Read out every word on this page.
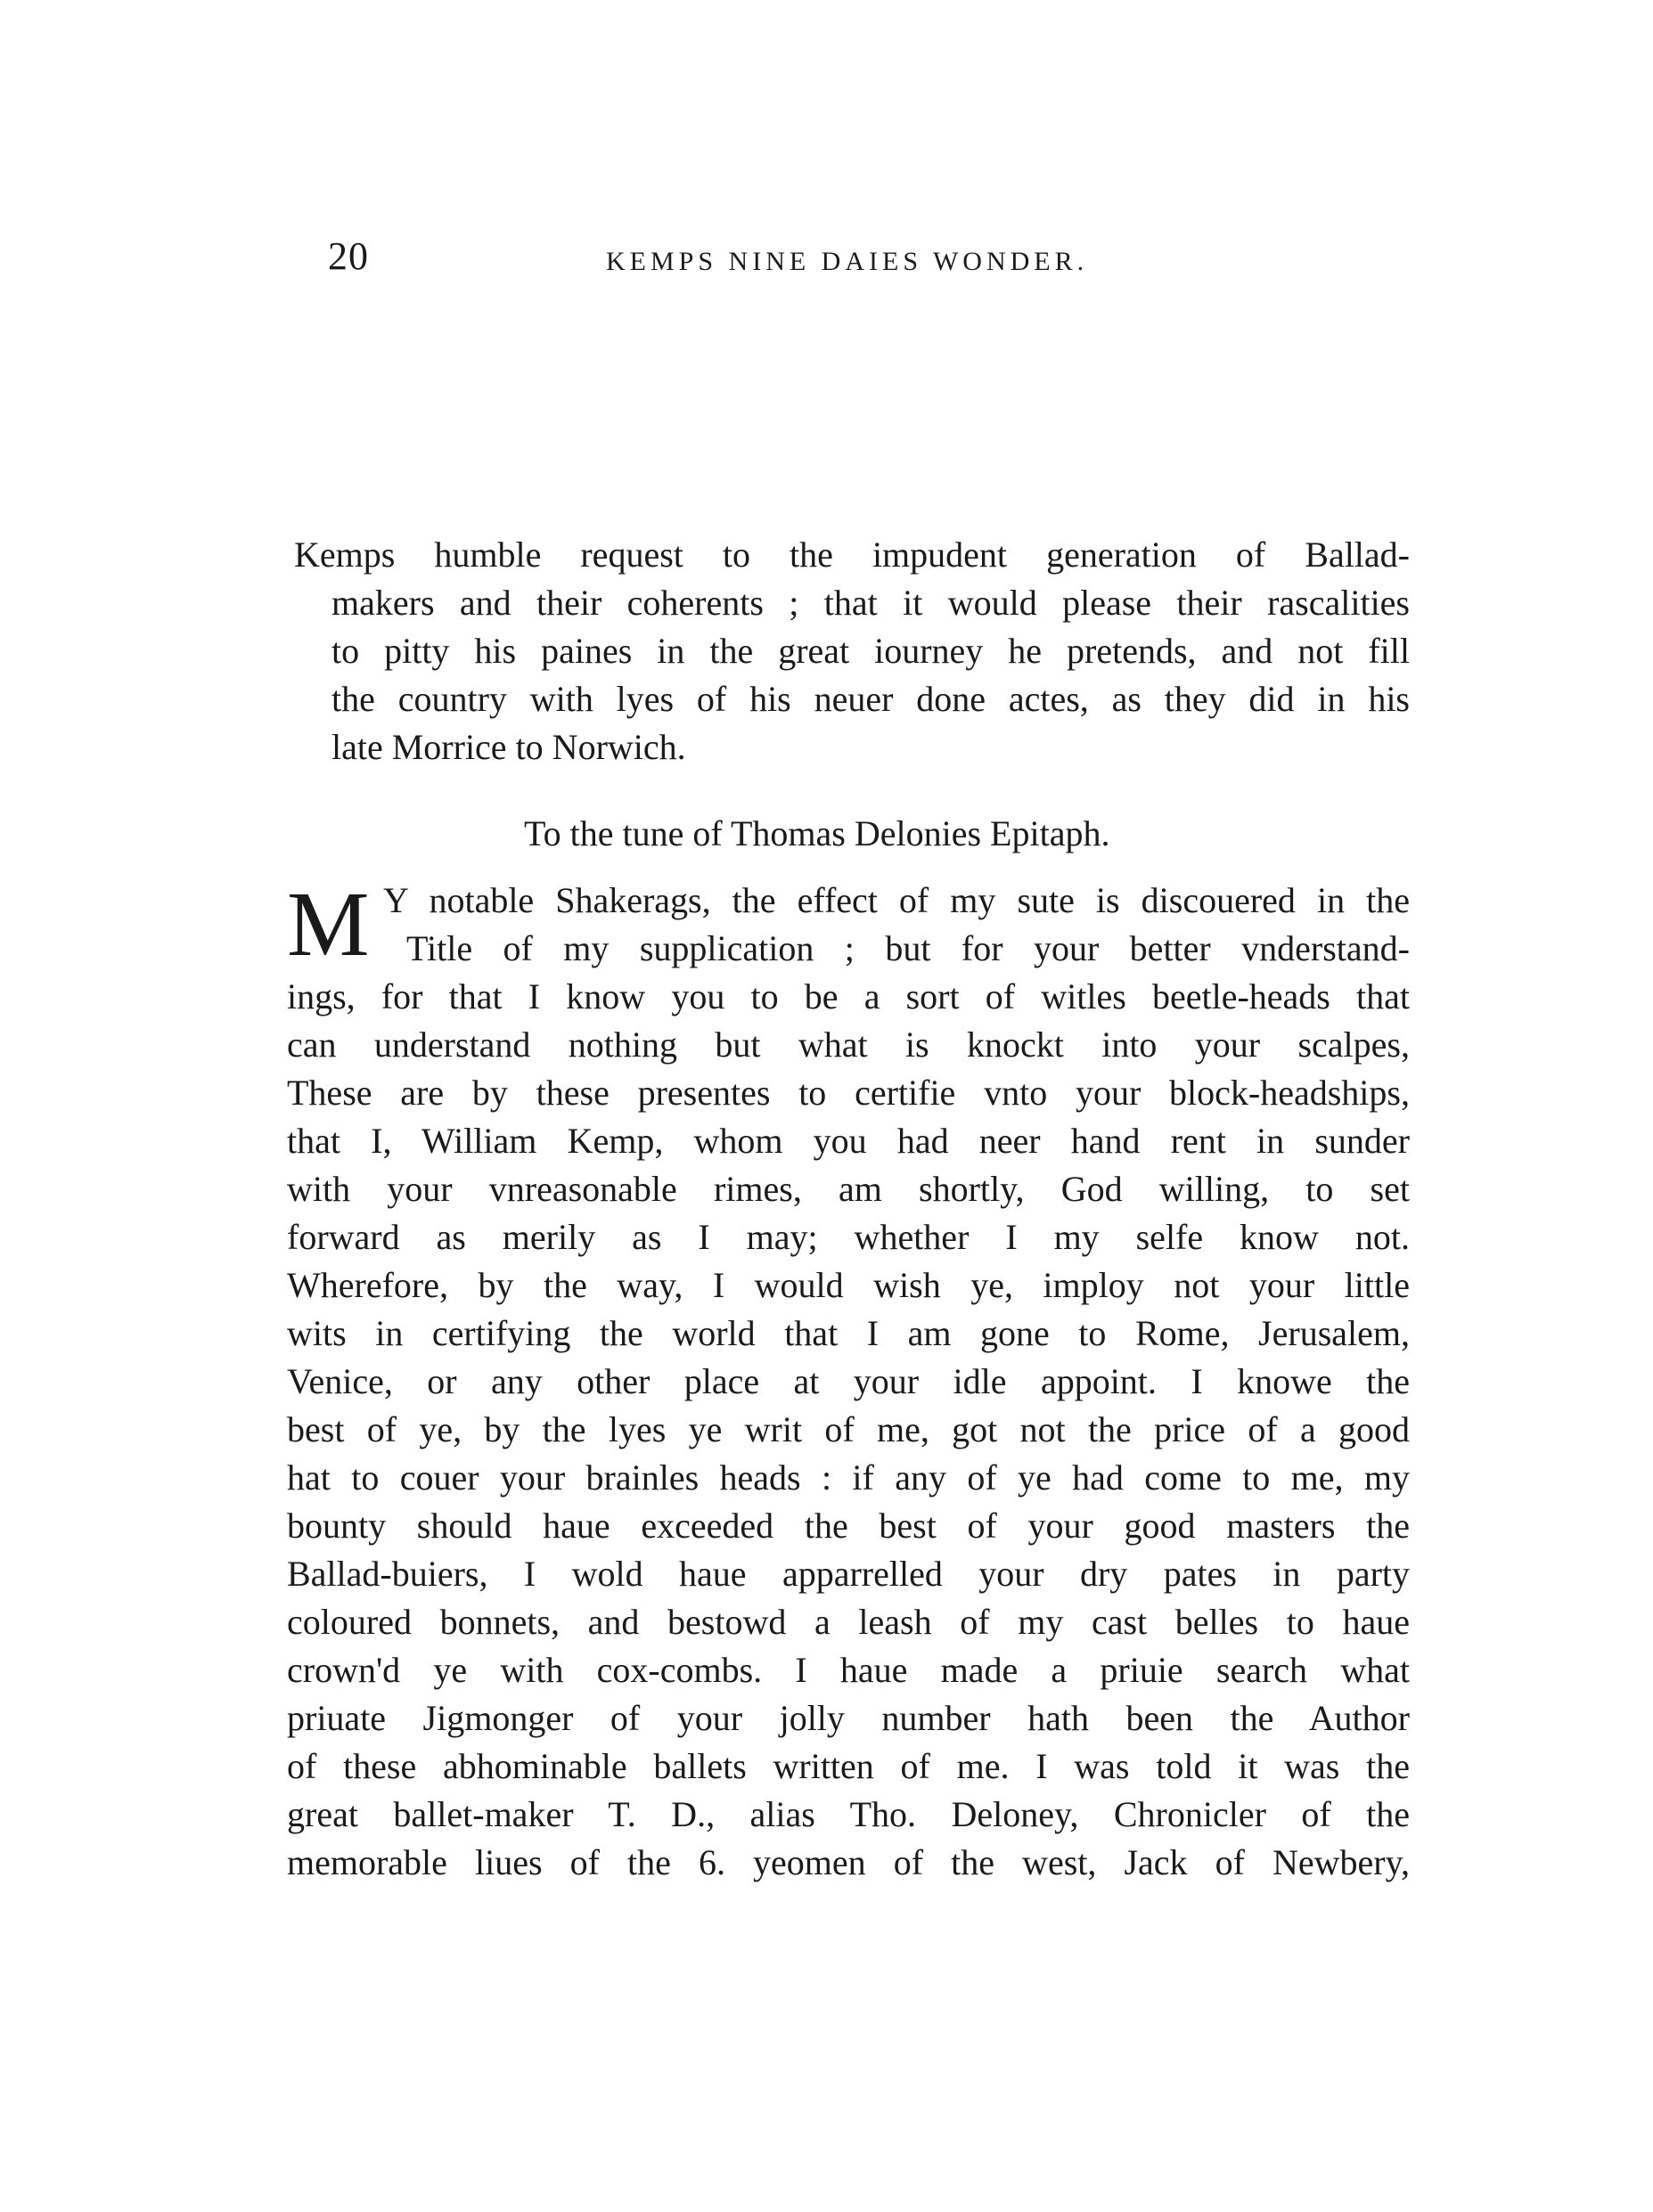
20	KEMPS NINE DAIES WONDER.
Kemps humble request to the impudent generation of Ballad-
makers and their coherents ; that it would please their rascalities
to pitty his paines in the great iourney he pretends, and not fill
the country with lyes of his neuer done actes, as they did in his
late Morrice to Norwich.
To the tune of Thomas Delonies Epitaph.
M Y notable Shakerags, the effect of my sute is discouered in the
Title of my supplication ; but for your better vnderstand-
ings, for that I know you to be a sort of witles beetle-heads that
can understand nothing but what is knockt into your scalpes,
These are by these presentes to certifie vnto your block-headships,
that I, William Kemp, whom you had neer hand rent in sunder
with your vnreasonable rimes, am shortly, God willing, to set
forward as merily as I may; whether I my selfe know not.
Wherefore, by the way, I would wish ye, imploy not your little
wits in certifying the world that I am gone to Rome, Jerusalem,
Venice, or any other place at your idle appoint. I knowe the
best of ye, by the lyes ye writ of me, got not the price of a good
hat to couer your brainles heads : if any of ye had come to me, my
bounty should haue exceeded the best of your good masters the
Ballad-buiers, I wold haue apparrelled your dry pates in party
coloured bonnets, and bestowd a leash of my cast belles to haue
crown'd ye with cox-combs. I haue made a priuie search what
priuate Jigmonger of your jolly number hath been the Author
of these abhominable ballets written of me. I was told it was the
great ballet-maker T. D., alias Tho. Deloney, Chronicler of the
memorable liues of the 6. yeomen of the west, Jack of Newbery,
